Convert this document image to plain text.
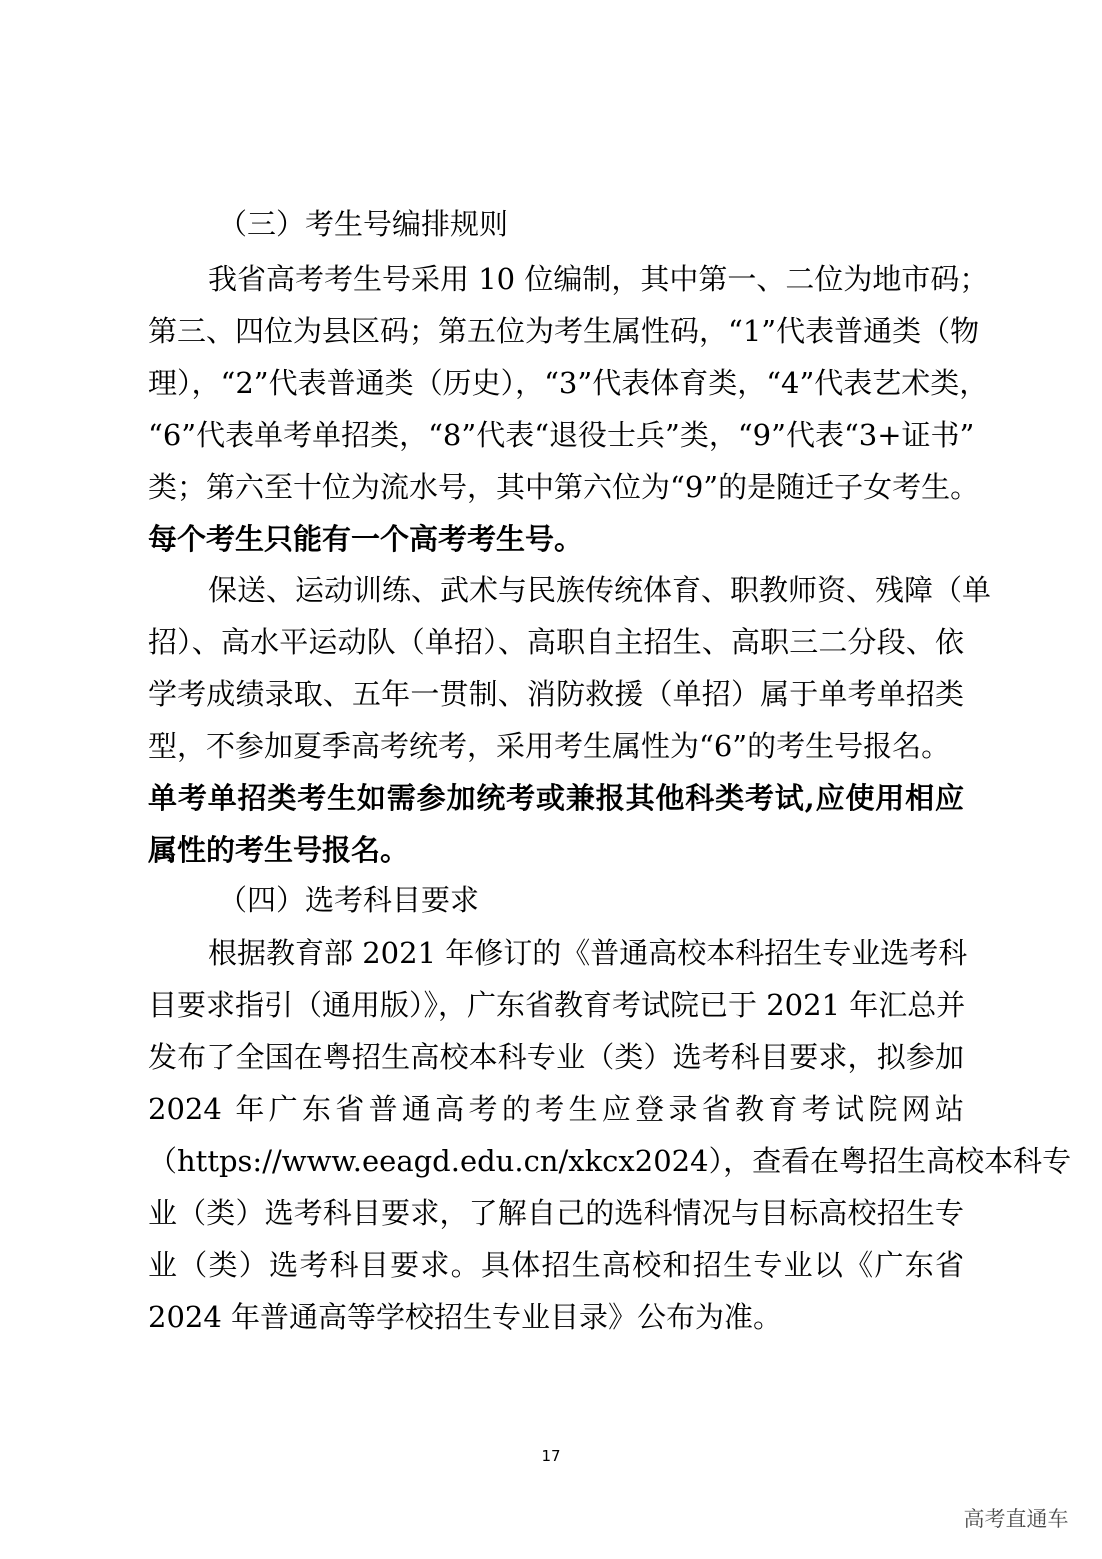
（三）考生号编排规则

我省高考考生号采用 10 位编制，其中第一、二位为地市码；

第三、四位为县区码；第五位为考生属性码，“1”代表普通类（物

理），“2”代表普通类（历史），“3”代表体育类，“4”代表艺术类，

“6”代表单考单招类，“8”代表“退役士兵”类，“9”代表“3+证书”

类；第六至十位为流水号，其中第六位为“9”的是随迁子女考生。

每个考生只能有一个高考考生号。

保送、运动训练、武术与民族传统体育、职教师资、残障（单

招）、高水平运动队（单招）、高职自主招生、高职三二分段、依

学考成绩录取、五年一贯制、消防救援（单招）属于单考单招类

型，不参加夏季高考统考，采用考生属性为“6”的考生号报名。

单考单招类考生如需参加统考或兼报其他科类考试,应使用相应

属性的考生号报名。

（四）选考科目要求

根据教育部 2021 年修订的《普通高校本科招生专业选考科

目要求指引（通用版）》，广东省教育考试院已于 2021 年汇总并

发布了全国在粤招生高校本科专业（类）选考科目要求，拟参加

2024 年广东省普通高考的考生应登录省教育考试院网站

（https://www.eeagd.edu.cn/xkcx2024），查看在粤招生高校本科专

业（类）选考科目要求，了解自己的选科情况与目标高校招生专

业（类）选考科目要求。具体招生高校和招生专业以《广东省

2024 年普通高等学校招生专业目录》公布为准。

17
高考直通车
